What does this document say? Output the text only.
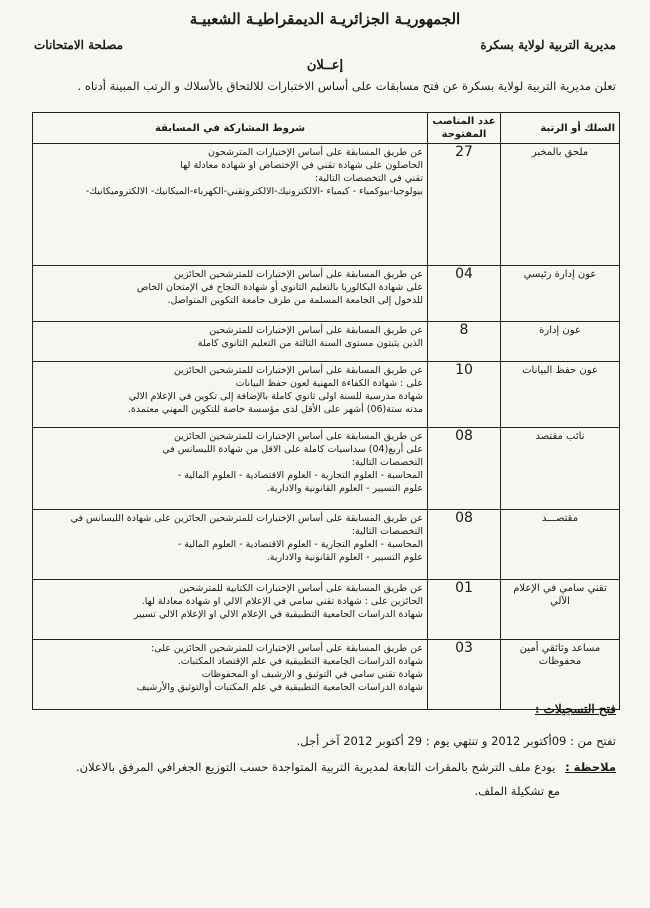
الجمهوريـة الجزائريـة الديمقراطيـة الشعبيـة
مديرية التربية لولاية بسكرة
مصلحة الامتحانات
إعــلان
تعلن مديرية التربية لولاية بسكرة عن فتح مسابقات على أساس الاختبارات للالتحاق بالأسلاك و الرتب المبينة أدناه .
السلك أو الرتبة	عدد المناصب المفتوحة	شروط المشاركة في المسابقة
ملحق بالمخبر	27	عن طريق المسابقة على أساس الإختبارات المترشحون
الحاصلون على شهادة تقني في الإختصاص او شهادة معادلة لها
تقني في التخصصات التالية:
بيولوجيا-بيوكمياء - كيمياء -الالكترونيك-الالكتروتقني-الكهرباء-الميكانيك- الالكتروميكانيك-

عون إدارة رئيسي	04	عن طريق المسابقة على أساس الإختبارات للمترشحين الحائزين
على شهادة البكالوريا بالتعليم الثانوي أو شهادة النجاح في الإمتحان الخاص
للدخول إلى الجامعة المسلمة من طرف جامعة التكوين المتواصل.

عون إدارة	8	عن طريق المسابقة على أساس الإختبارات للمترشحين
الذين يثبتون مستوى السنة الثالثة من التعليم الثانوي كاملة

عون حفظ البيانات	10	عن طريق المسابقة على أساس الإختبارات للمترشحين الحائزين
على : شهادة الكفاءة المهنية لعون حفظ البيانات
شهادة مدرسية للسنة اولى ثانوي كاملة بالإضافة إلى تكوين في الإعلام الالي
مدته ستة(06) أشهر على الأقل لدى مؤسسة خاصة للتكوين المهني معتمدة.

نائب مقتصد	08	عن طريق المسابقة على أساس الإختبارات للمترشحين الحائزين
على أربع(04) سداسيات كاملة على الاقل من شهادة الليسانس في
التخصصات التالية:
المحاسبة - العلوم التجارية - العلوم الاقتصادية - العلوم المالية -
علوم التسيير - العلوم القانونية والادارية.

مقتصـــد	08	عن طريق المسابقة على أساس الإختبارات للمترشحين الحائزين على شهادة الليسانس في التخصصات التالية:
المحاسبة - العلوم التجارية - العلوم الاقتصادية - العلوم المالية -
علوم التسيير - العلوم القانونية والادارية.

تقني سامي في الإعلام الآلي	01	عن طريق المسابقة على أساس الإختبارات الكتابية للمترشحين
الحائزين على : شهادة تقني سامي في الإعلام الالي او شهادة معادلة لها.
شهادة الدراسات الجامعية التطبيقية في الإعلام الالي او الإعلام الالي تسيير

مساعد وثائقي أمين محفوظات	03	عن طريق المسابقة على أساس الإختبارات للمترشحين الحائزين على:
شهادة الدراسات الجامعية التطبيقية في علم الإقتصاد المكتبات.
شهادة تقني سامي في التوثيق و الارشيف او المحفوظات
شهادة الدراسات الجامعية التطبيقية في علم المكتبات أوالتوثيق والأرشيف
فتح التسجيلات :
تفتح من : 09أكتوبر 2012 و تنتهي يوم : 29 أكتوبر 2012 آخر أجل.
ملاحظة : يودع ملف الترشح بالمقرات التابعة لمديرية التربية المتواجدة حسب التوزيع الجغرافي المرفق بالاعلان.
مع تشكيلة الملف.
